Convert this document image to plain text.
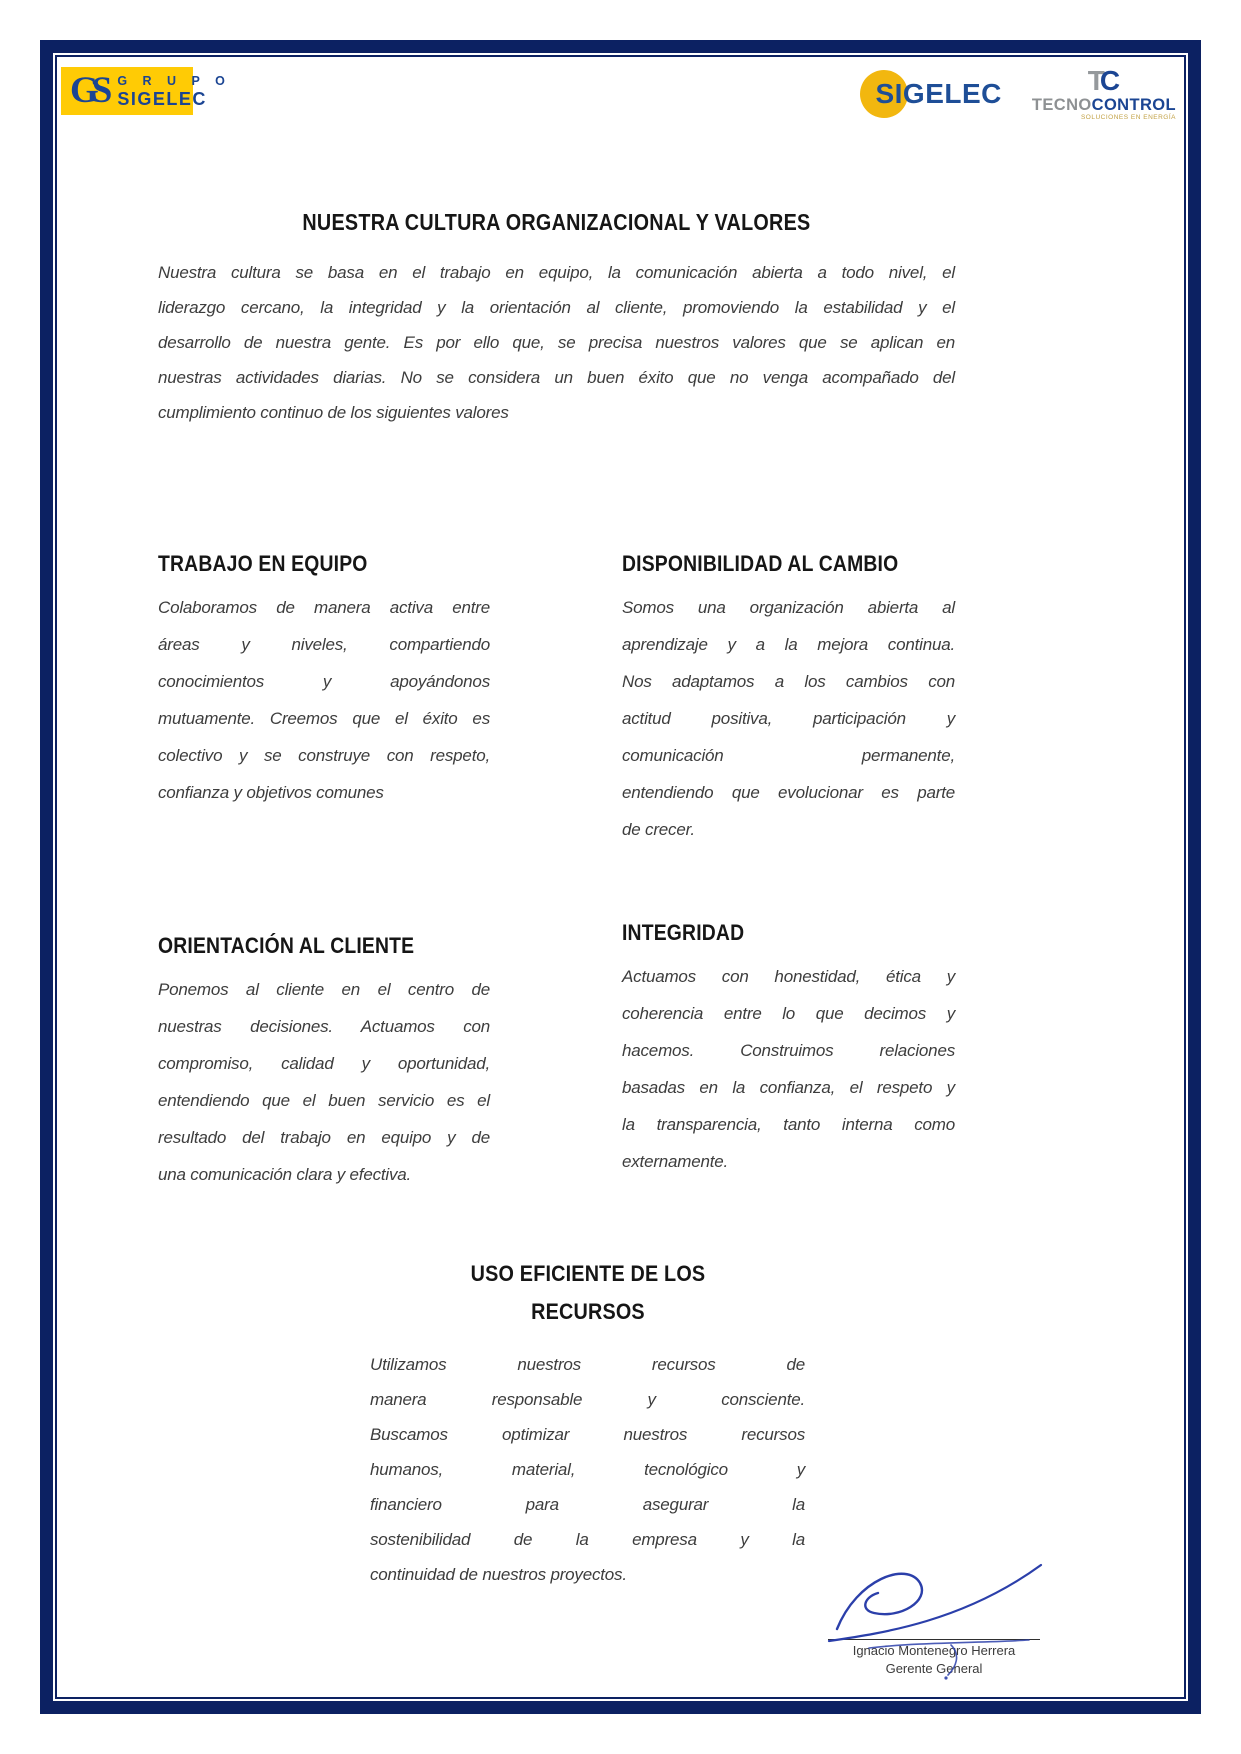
GS G R U P O
SIGELEC	SIGELEC	TC
TECNOCONTROL
SOLUCIONES EN ENERGÍA
NUESTRA CULTURA ORGANIZACIONAL Y VALORES
Nuestra cultura se basa en el trabajo en equipo, la comunicación abierta a todo nivel, el
liderazgo cercano, la integridad y la orientación al cliente, promoviendo la estabilidad y el
desarrollo de nuestra gente. Es por ello que, se precisa nuestros valores que se aplican en
nuestras actividades diarias. No se considera un buen éxito que no venga acompañado del
cumplimiento continuo de los siguientes valores
TRABAJO EN EQUIPO
Colaboramos de manera activa entre
áreas y niveles, compartiendo
conocimientos y apoyándonos
mutuamente. Creemos que el éxito es
colectivo y se construye con respeto,
confianza y objetivos comunes
ORIENTACIÓN AL CLIENTE
Ponemos al cliente en el centro de
nuestras decisiones. Actuamos con
compromiso, calidad y oportunidad,
entendiendo que el buen servicio es el
resultado del trabajo en equipo y de
una comunicación clara y efectiva.
DISPONIBILIDAD AL CAMBIO
Somos una organización abierta al
aprendizaje y a la mejora continua.
Nos adaptamos a los cambios con
actitud positiva, participación y
comunicación permanente,
entendiendo que evolucionar es parte
de crecer.
INTEGRIDAD
Actuamos con honestidad, ética y
coherencia entre lo que decimos y
hacemos. Construimos relaciones
basadas en la confianza, el respeto y
la transparencia, tanto interna como
externamente.
USO EFICIENTE DE LOS RECURSOS
Utilizamos nuestros recursos de
manera responsable y consciente.
Buscamos optimizar nuestros recursos
humanos, material, tecnológico y
financiero para asegurar la
sostenibilidad de la empresa y la
continuidad de nuestros proyectos.
Ignacio Montenegro Herrera
Gerente General
